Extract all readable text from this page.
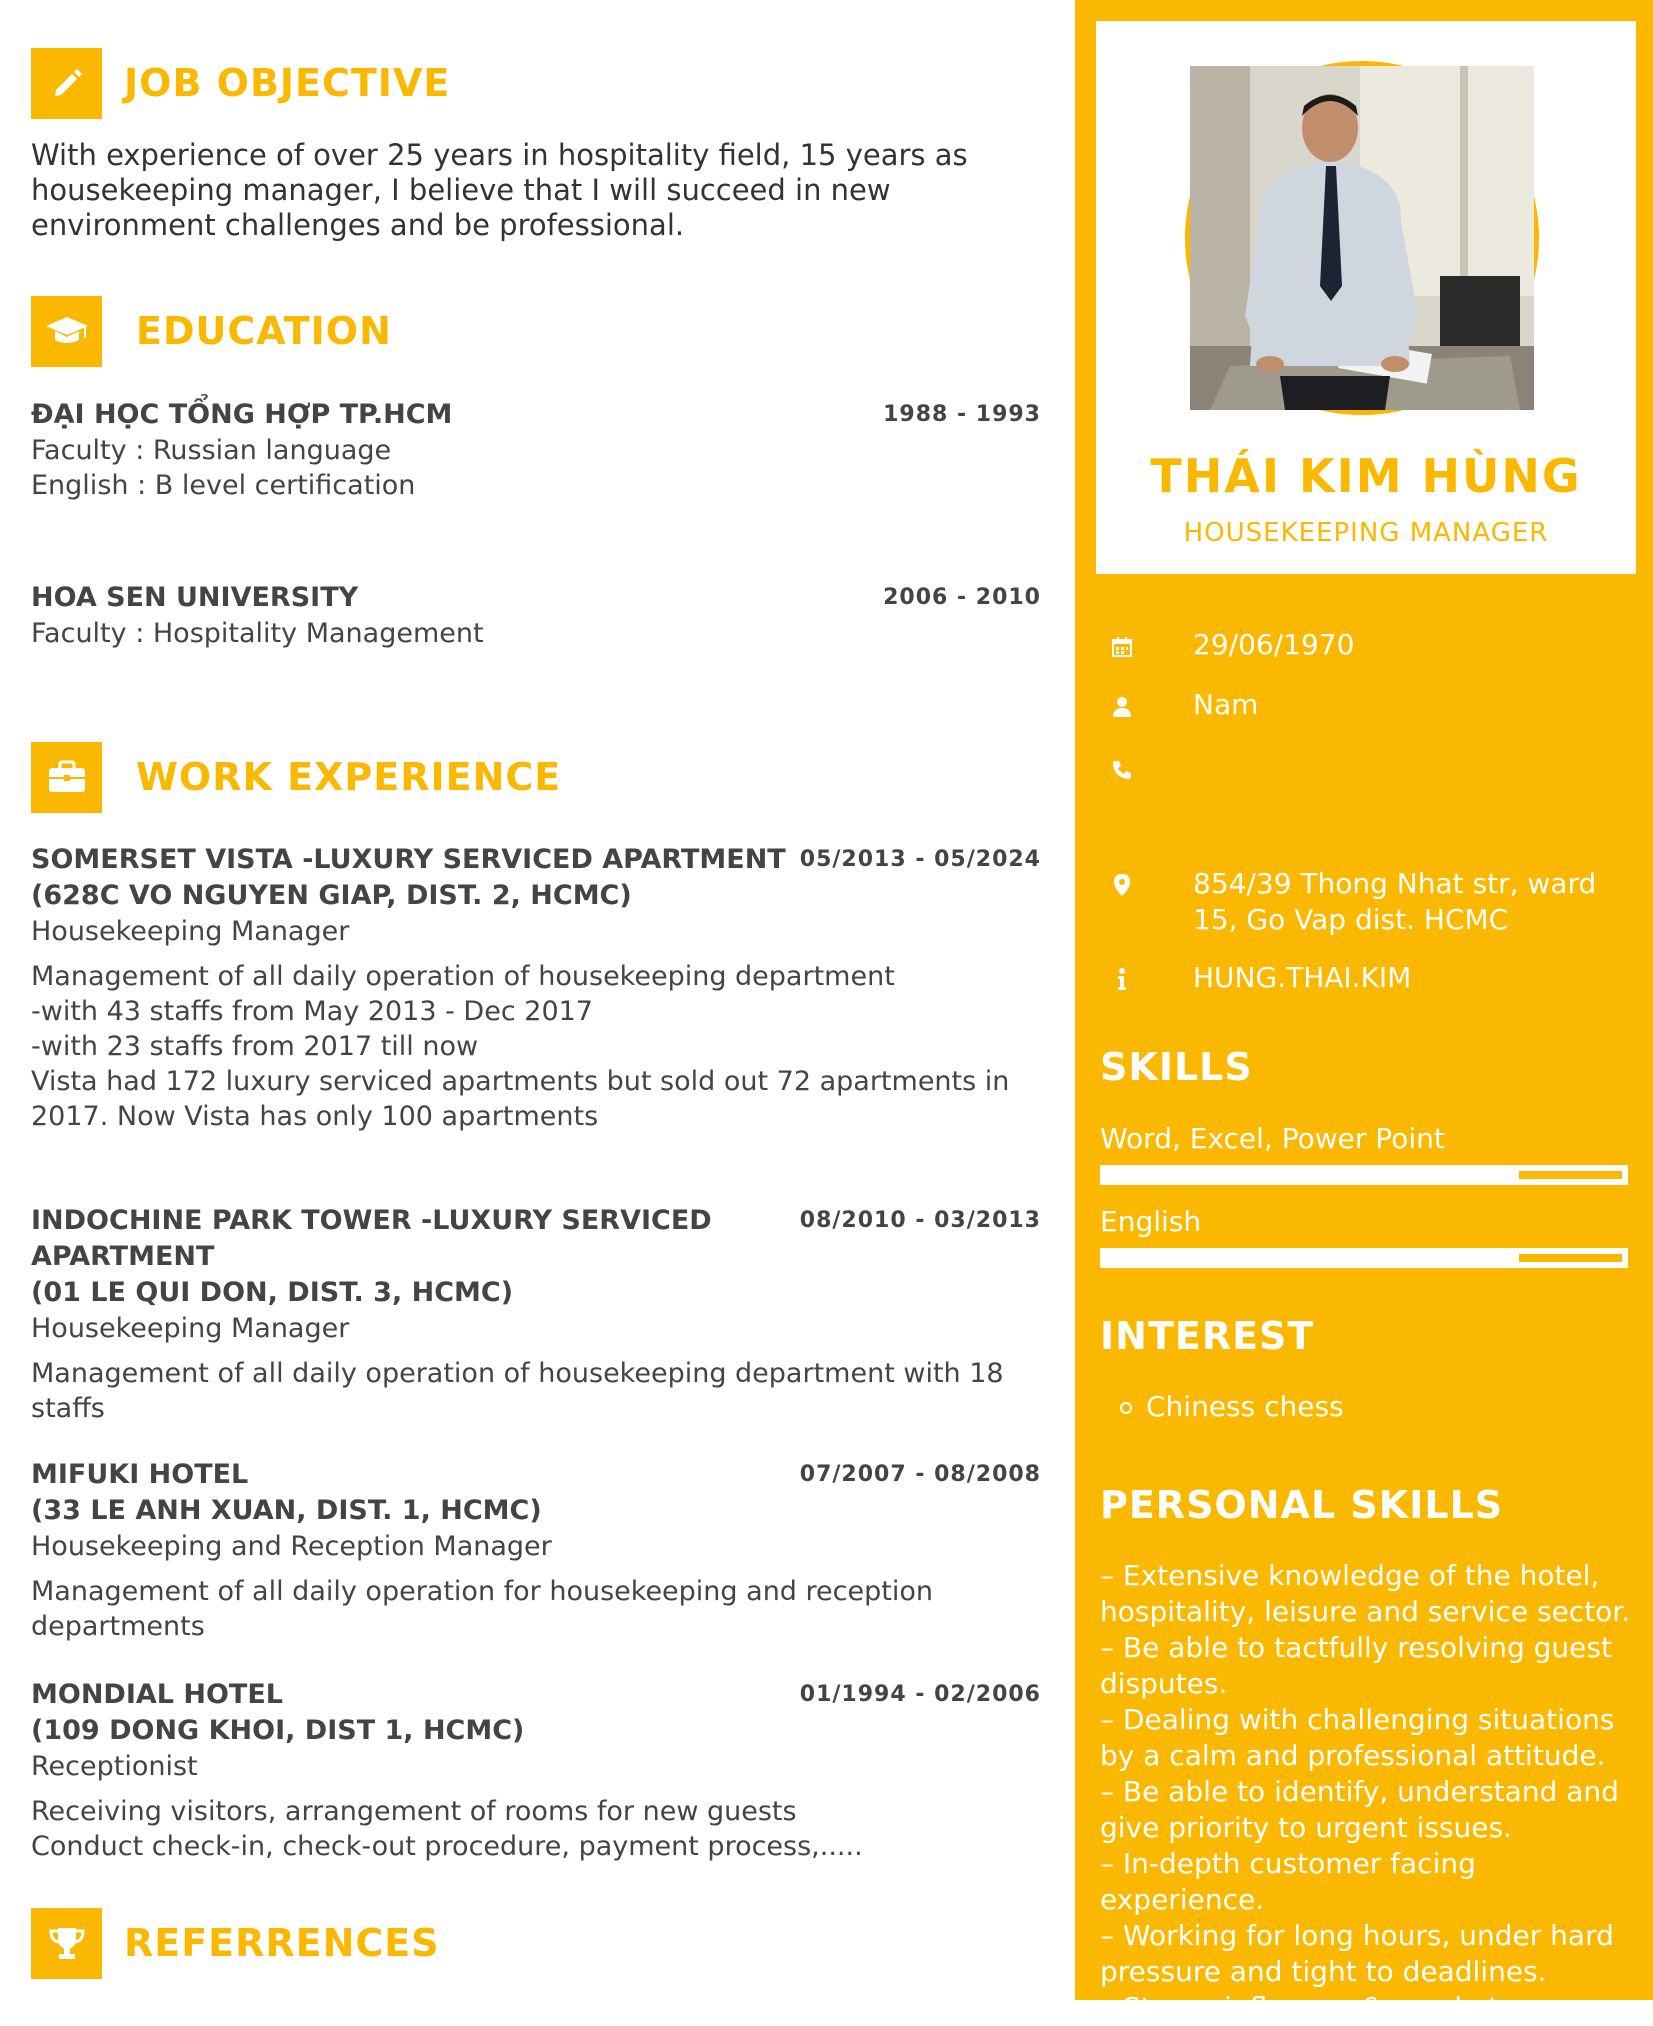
JOB OBJECTIVE
With experience of over 25 years in hospitality field, 15 years as housekeeping manager, I believe that I will succeed in new environment challenges and be professional.
EDUCATION
ĐẠI HỌC TỔNG HỢP TP.HCM	1988 - 1993
Faculty : Russian language
English : B level certification
HOA SEN UNIVERSITY	2006 - 2010
Faculty : Hospitality Management
WORK EXPERIENCE
SOMERSET VISTA -LUXURY SERVICED APARTMENT
(628C VO NGUYEN GIAP, DIST. 2, HCMC)
05/2013 - 05/2024
Housekeeping Manager
Management of all daily operation of housekeeping department
-with 43 staffs from May 2013 - Dec 2017
-with 23 staffs from 2017 till now
Vista had 172 luxury serviced apartments but sold out 72 apartments in 2017. Now Vista has only 100 apartments
INDOCHINE PARK TOWER -LUXURY SERVICED APARTMENT
(01 LE QUI DON, DIST. 3, HCMC)
08/2010 - 03/2013
Housekeeping Manager
Management of all daily operation of housekeeping department with 18 staffs
MIFUKI HOTEL
(33 LE ANH XUAN, DIST. 1, HCMC)
07/2007 - 08/2008
Housekeeping and Reception Manager
Management of all daily operation for housekeeping and reception departments
MONDIAL HOTEL
(109 DONG KHOI, DIST 1, HCMC)
01/1994 - 02/2006
Receptionist
Receiving visitors, arrangement of rooms for new guests
Conduct check-in, check-out procedure, payment process,.....
REFERRENCES
THÁI KIM HÙNG
HOUSEKEEPING MANAGER
29/06/1970
Nam
854/39 Thong Nhat str, ward 15, Go Vap dist. HCMC
HUNG.THAI.KIM
SKILLS
Word, Excel, Power Point
English
INTEREST
Chiness chess
PERSONAL SKILLS
– Extensive knowledge of the hotel, hospitality, leisure and service sector.
– Be able to tactfully resolving guest disputes.
– Dealing with challenging situations by a calm and professional attitude.
– Be able to identify, understand and give priority to urgent issues.
– In-depth customer facing experience.
– Working for long hours, under hard pressure and tight to deadlines.
– Strong influence & good at
